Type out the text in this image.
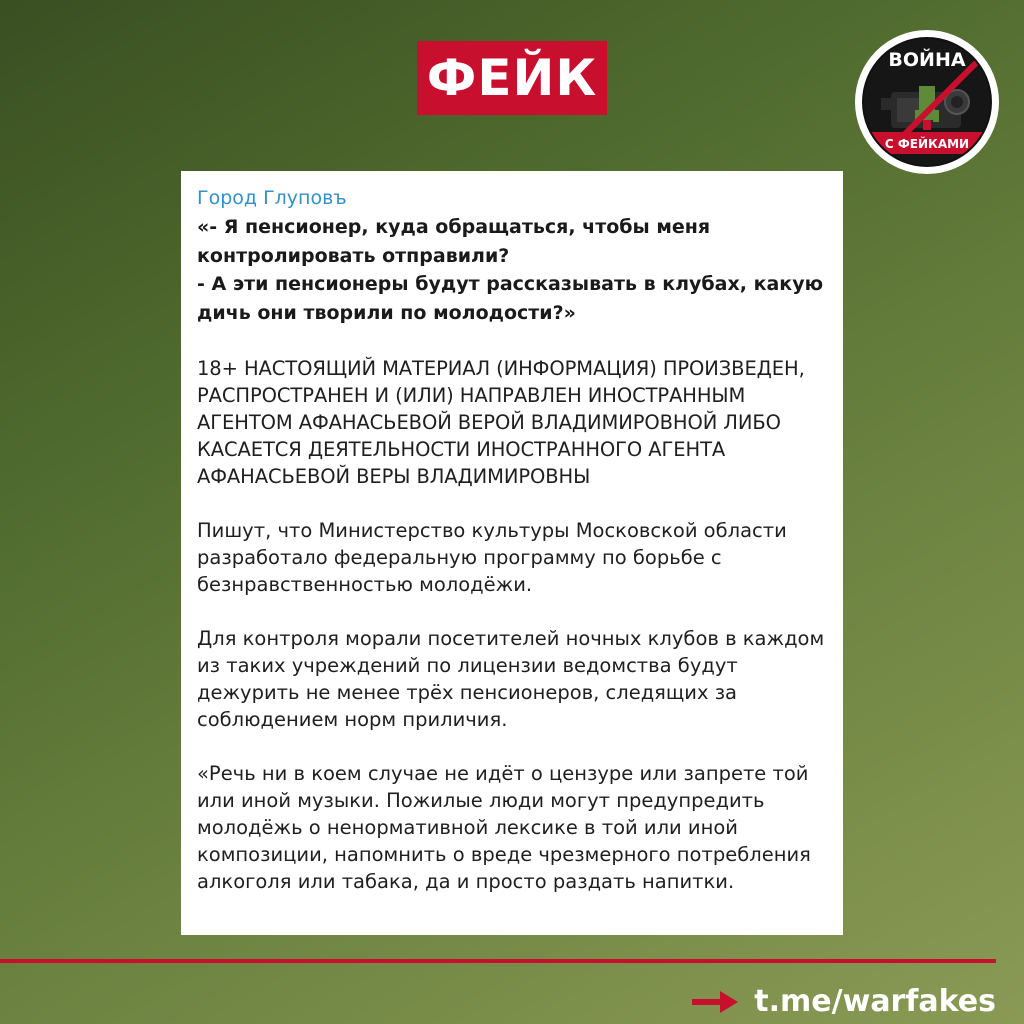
ФЕЙК	ВОЙНА
С ФЕЙКАМИ
Город Глуповъ

«- Я пенсионер, куда обращаться, чтобы меня

контролировать отправили?

- А эти пенсионеры будут рассказывать в клубах, какую

дичь они творили по молодости?»

18+ НАСТОЯЩИЙ МАТЕРИАЛ (ИНФОРМАЦИЯ) ПРОИЗВЕДЕН, РАСПРОСТРАНЕН И (ИЛИ) НАПРАВЛЕН ИНОСТРАННЫМ АГЕНТОМ АФАНАСЬЕВОЙ ВЕРОЙ ВЛАДИМИРОВНОЙ ЛИБО КАСАЕТСЯ ДЕЯТЕЛЬНОСТИ ИНОСТРАННОГО АГЕНТА АФАНАСЬЕВОЙ ВЕРЫ ВЛАДИМИРОВНЫ

Пишут, что Министерство культуры Московской области разработало федеральную программу по борьбе с безнравственностью молодёжи.

Для контроля морали посетителей ночных клубов в каждом из таких учреждений по лицензии ведомства будут дежурить не менее трёх пенсионеров, следящих за соблюдением норм приличия.

«Речь ни в коем случае не идёт о цензуре или запрете той или иной музыки. Пожилые люди могут предупредить молодёжь о ненормативной лексике в той или иной композиции, напомнить о вреде чрезмерного потребления алкоголя или табака, да и просто раздать напитки.

t.me/warfakes
